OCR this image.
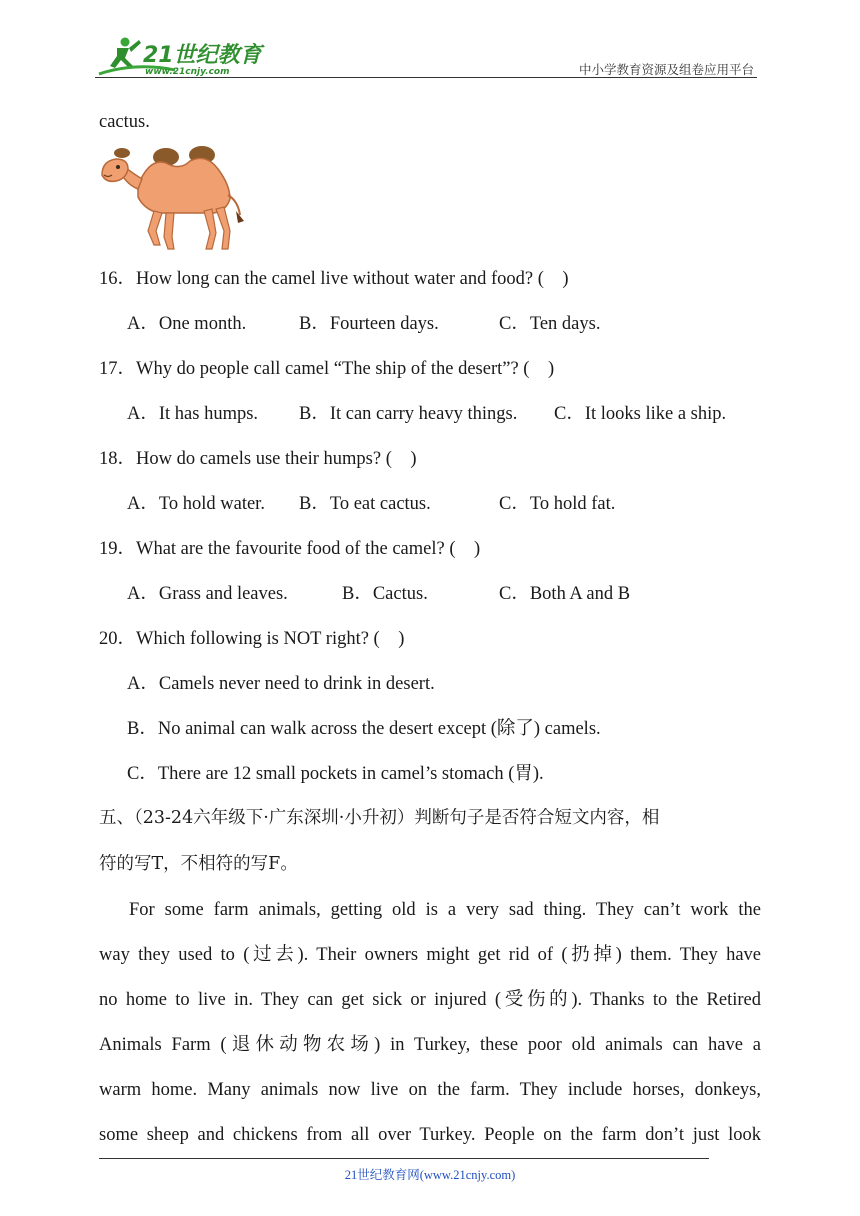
21世纪教育
www.21cnjy.com	中小学教育资源及组卷应用平台
cactus.
16．How long can the camel live without water and food? (　)
A．One month.	B．Fourteen days.	C．Ten days.
17．Why do people call camel “The ship of the desert”? (　)
A．It has humps. B．It can carry heavy things. C．It looks like a ship.
18．How do camels use their humps? (　)
A．To hold water. B．To eat cactus.	C．To hold fat.
19．What are the favourite food of the camel? (　)
A．Grass and leaves.	B．Cactus.	C．Both A and B
20．Which following is NOT right? (　)
A．Camels never need to drink in desert.
B．No animal can walk across the desert except (除了) camels.
C．There are 12 small pockets in camel’s stomach (胃).
五、（23-24六年级下·广东深圳·小升初）判断句子是否符合短文内容，相
符的写T，不相符的写F。
For some farm animals, getting old is a very sad thing. They can’t work the
way they used to (过去). Their owners might get rid of (扔掉) them. They have
no home to live in. They can get sick or injured (受伤的). Thanks to the Retired
Animals Farm (退休动物农场) in Turkey, these poor old animals can have a
warm home. Many animals now live on the farm. They include horses, donkeys,
some sheep and chickens from all over Turkey. People on the farm don’t just look
21世纪教育网(www.21cnjy.com)
